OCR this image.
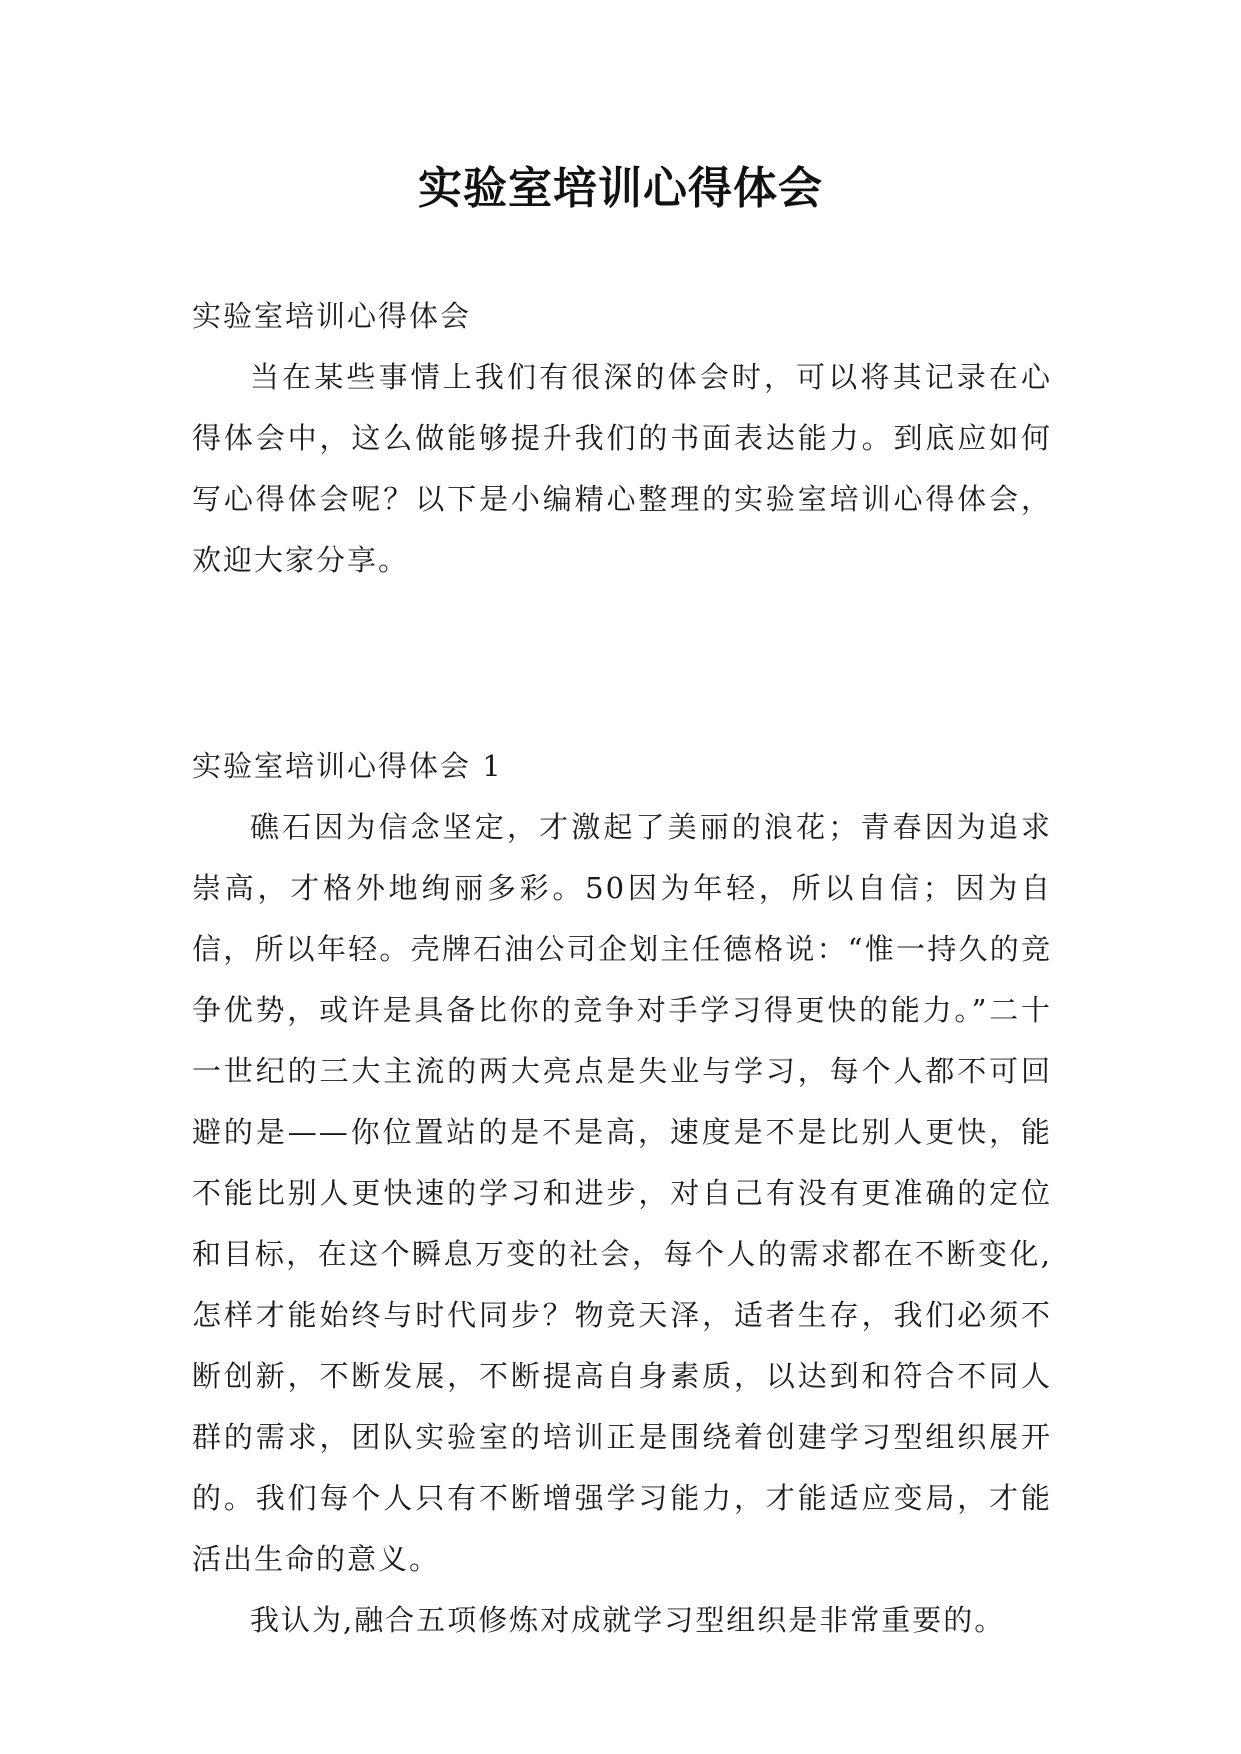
实验室培训心得体会

实验室培训心得体会

当在某些事情上我们有很深的体会时，可以将其记录在心得体会中，这么做能够提升我们的书面表达能力。到底应如何写心得体会呢？以下是小编精心整理的实验室培训心得体会，欢迎大家分享。

实验室培训心得体会 1

礁石因为信念坚定，才激起了美丽的浪花；青春因为追求崇高，才格外地绚丽多彩。50因为年轻，所以自信；因为自信，所以年轻。壳牌石油公司企划主任德格说：“惟一持久的竞争优势，或许是具备比你的竞争对手学习得更快的能力。”二十一世纪的三大主流的两大亮点是失业与学习，每个人都不可回避的是——你位置站的是不是高，速度是不是比别人更快，能不能比别人更快速的学习和进步，对自己有没有更准确的定位和目标，在这个瞬息万变的社会，每个人的需求都在不断变化,怎样才能始终与时代同步？物竞天泽，适者生存，我们必须不断创新，不断发展，不断提高自身素质，以达到和符合不同人群的需求，团队实验室的培训正是围绕着创建学习型组织展开的。我们每个人只有不断增强学习能力，才能适应变局，才能活出生命的意义。

我认为,融合五项修炼对成就学习型组织是非常重要的。
